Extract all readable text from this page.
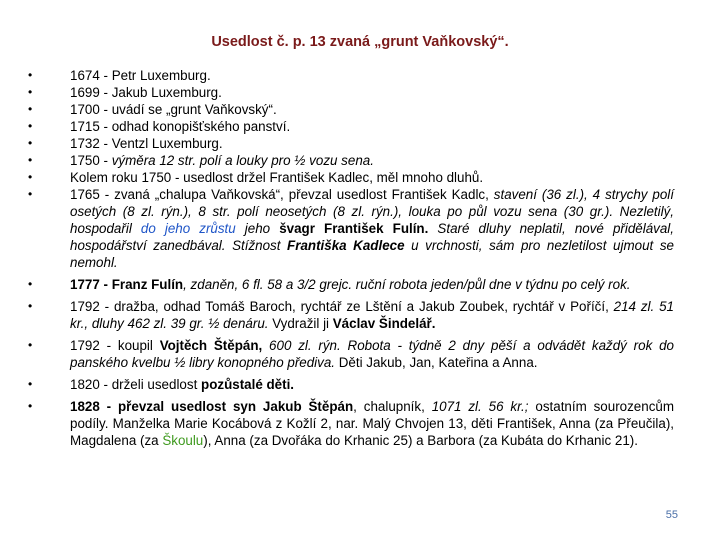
Usedlost č. p. 13 zvaná „grunt Vaňkovský“.
• 1674 - Petr Luxemburg.
• 1699 - Jakub Luxemburg.
• 1700 - uvádí se „grunt Vaňkovský“.
• 1715 - odhad konopišťského panství.
• 1732 - Ventzl Luxemburg.
• 1750 - výměra 12 str. polí a louky pro ½ vozu sena.
• Kolem roku 1750 - usedlost držel František Kadlec, měl mnoho dluhů.
• 1765 - zvaná „chalupa Vaňkovská“, převzal usedlost František Kadlc, stavení (36 zl.), 4 strychy polí osetých (8 zl. rýn.), 8 str. polí neosetých (8 zl. rýn.), louka po půl vozu sena (30 gr.). Nezletilý, hospodařil do jeho zrůstu jeho švagr František Fulín. Staré dluhy neplatil, nové přidělával, hospodářství zanedbával. Stížnost Františka Kadlece u vrchnosti, sám pro nezletilost ujmout se nemohl.
• 1777 - Franz Fulín, zdaněn, 6 fl. 58 a 3/2 grejc. ruční robota jeden/půl dne v týdnu po celý rok.
• 1792 - dražba, odhad Tomáš Baroch, rychtář ze Lštění a Jakub Zoubek, rychtář v Poříčí, 214 zl. 51 kr., dluhy 462 zl. 39 gr. ½ denáru. Vydražil ji Václav Šindelář.
• 1792 - koupil Vojtěch Štěpán, 600 zl. rýn. Robota - týdně 2 dny pěší a odvádět každý rok do panského kvelbu ½ libry konopného přediva. Děti Jakub, Jan, Kateřina a Anna.
• 1820 - drželi usedlost pozůstalé děti.
• 1828 - převzal usedlost syn Jakub Štěpán, chalupník, 1071 zl. 56 kr.; ostatním sourozencům podíly. Manželka Marie Kocábová z Kožlí 2, nar. Malý Chvojen 13, děti František, Anna (za Přeučila), Magdalena (za Škoulu), Anna (za Dvořáka do Krhanic 25) a Barbora (za Kubáta do Krhanic 21).
55
